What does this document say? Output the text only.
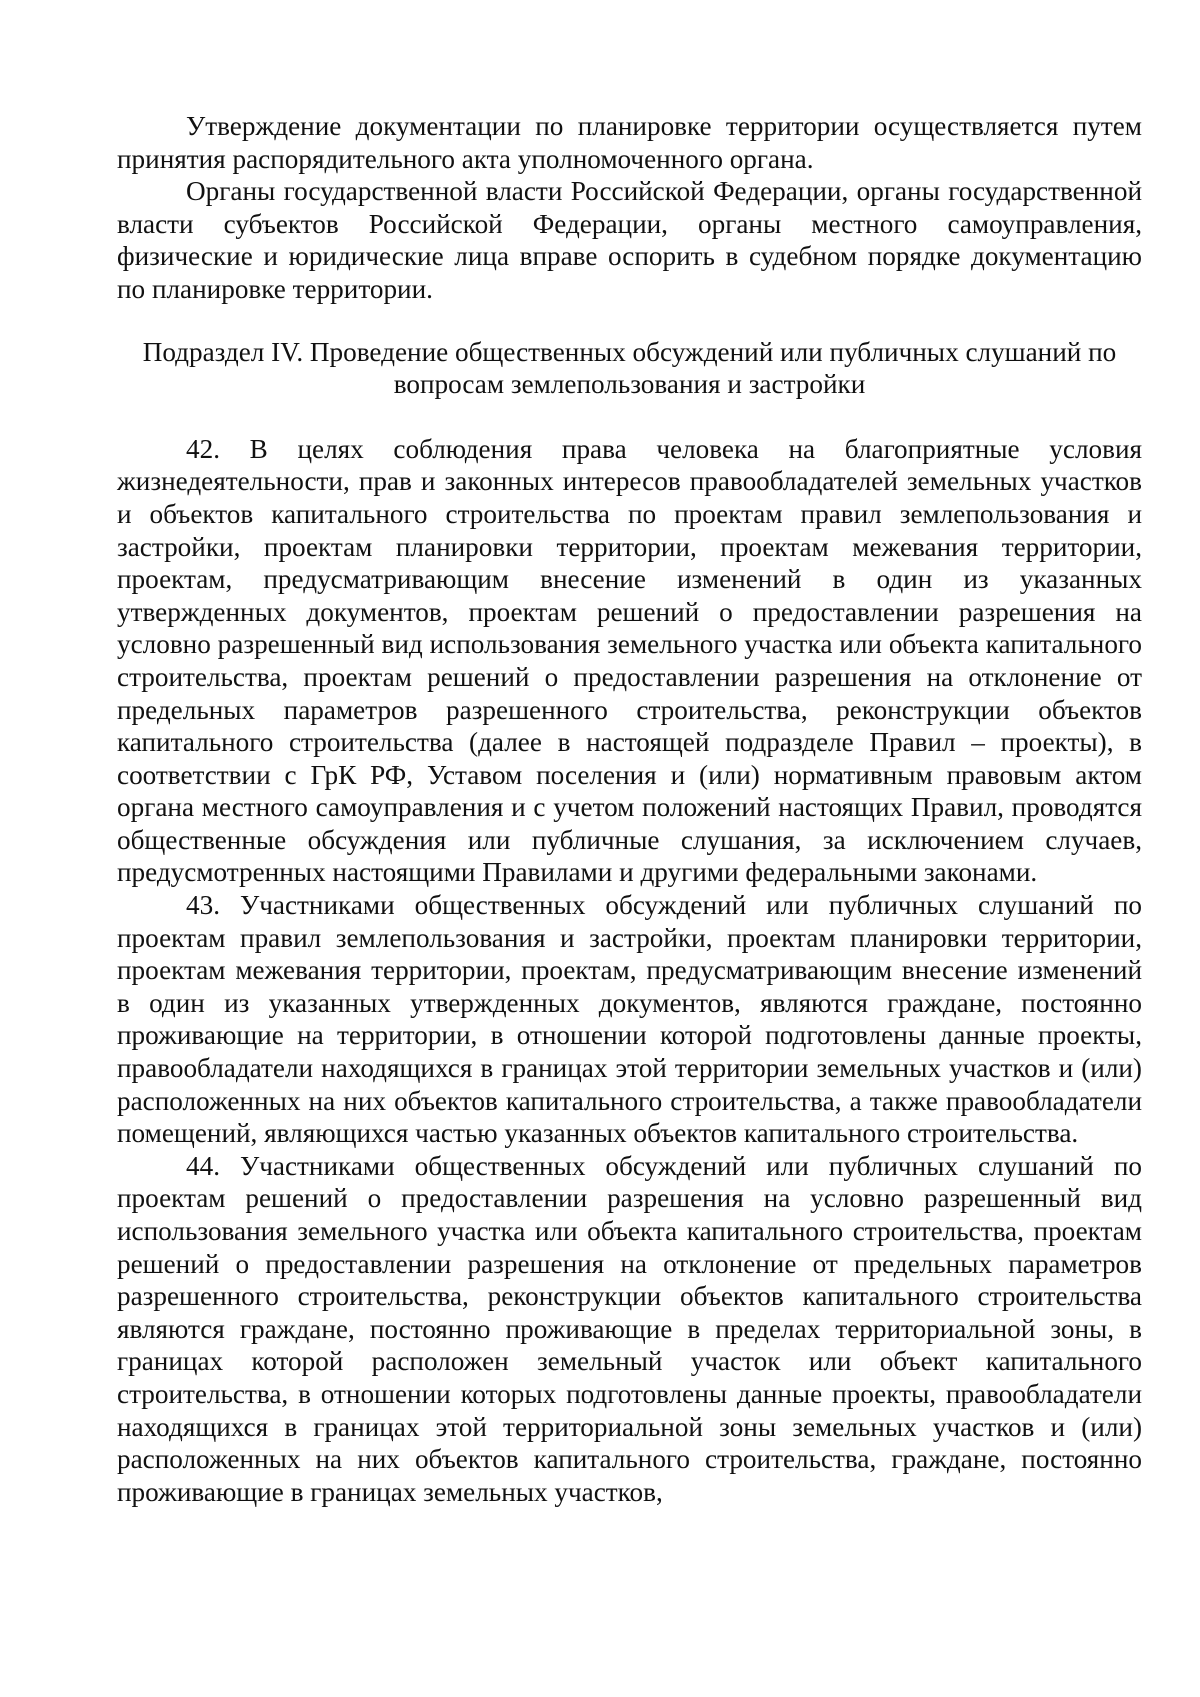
Утверждение документации по планировке территории осуществляется путем принятия распорядительного акта уполномоченного органа.

Органы государственной власти Российской Федерации, органы государственной власти субъектов Российской Федерации, органы местного самоуправления, физические и юридические лица вправе оспорить в судебном порядке документацию по планировке территории.

Подраздел IV. Проведение общественных обсуждений или публичных слушаний по
вопросам землепользования и застройки

42. В целях соблюдения права человека на благоприятные условия жизнедеятельности, прав и законных интересов правообладателей земельных участков и объектов капитального строительства по проектам правил землепользования и застройки, проектам планировки территории, проектам межевания территории, проектам, предусматривающим внесение изменений в один из указанных утвержденных документов, проектам решений о предоставлении разрешения на условно разрешенный вид использования земельного участка или объекта капитального строительства, проектам решений о предоставлении разрешения на отклонение от предельных параметров разрешенного строительства, реконструкции объектов капитального строительства (далее в настоящей подразделе Правил – проекты), в соответствии с ГрК РФ, Уставом поселения и (или) нормативным правовым актом органа местного самоуправления и с учетом положений настоящих Правил, проводятся общественные обсуждения или публичные слушания, за исключением случаев, предусмотренных настоящими Правилами и другими федеральными законами.

43. Участниками общественных обсуждений или публичных слушаний по проектам правил землепользования и застройки, проектам планировки территории, проектам межевания территории, проектам, предусматривающим внесение изменений в один из указанных утвержденных документов, являются граждане, постоянно проживающие на территории, в отношении которой подготовлены данные проекты, правообладатели находящихся в границах этой территории земельных участков и (или) расположенных на них объектов капитального строительства, а также правообладатели помещений, являющихся частью указанных объектов капитального строительства.

44. Участниками общественных обсуждений или публичных слушаний по проектам решений о предоставлении разрешения на условно разрешенный вид использования земельного участка или объекта капитального строительства, проектам решений о предоставлении разрешения на отклонение от предельных параметров разрешенного строительства, реконструкции объектов капитального строительства являются граждане, постоянно проживающие в пределах территориальной зоны, в границах которой расположен земельный участок или объект капитального строительства, в отношении которых подготовлены данные проекты, правообладатели находящихся в границах этой территориальной зоны земельных участков и (или) расположенных на них объектов капитального строительства, граждане, постоянно проживающие в границах земельных участков,
